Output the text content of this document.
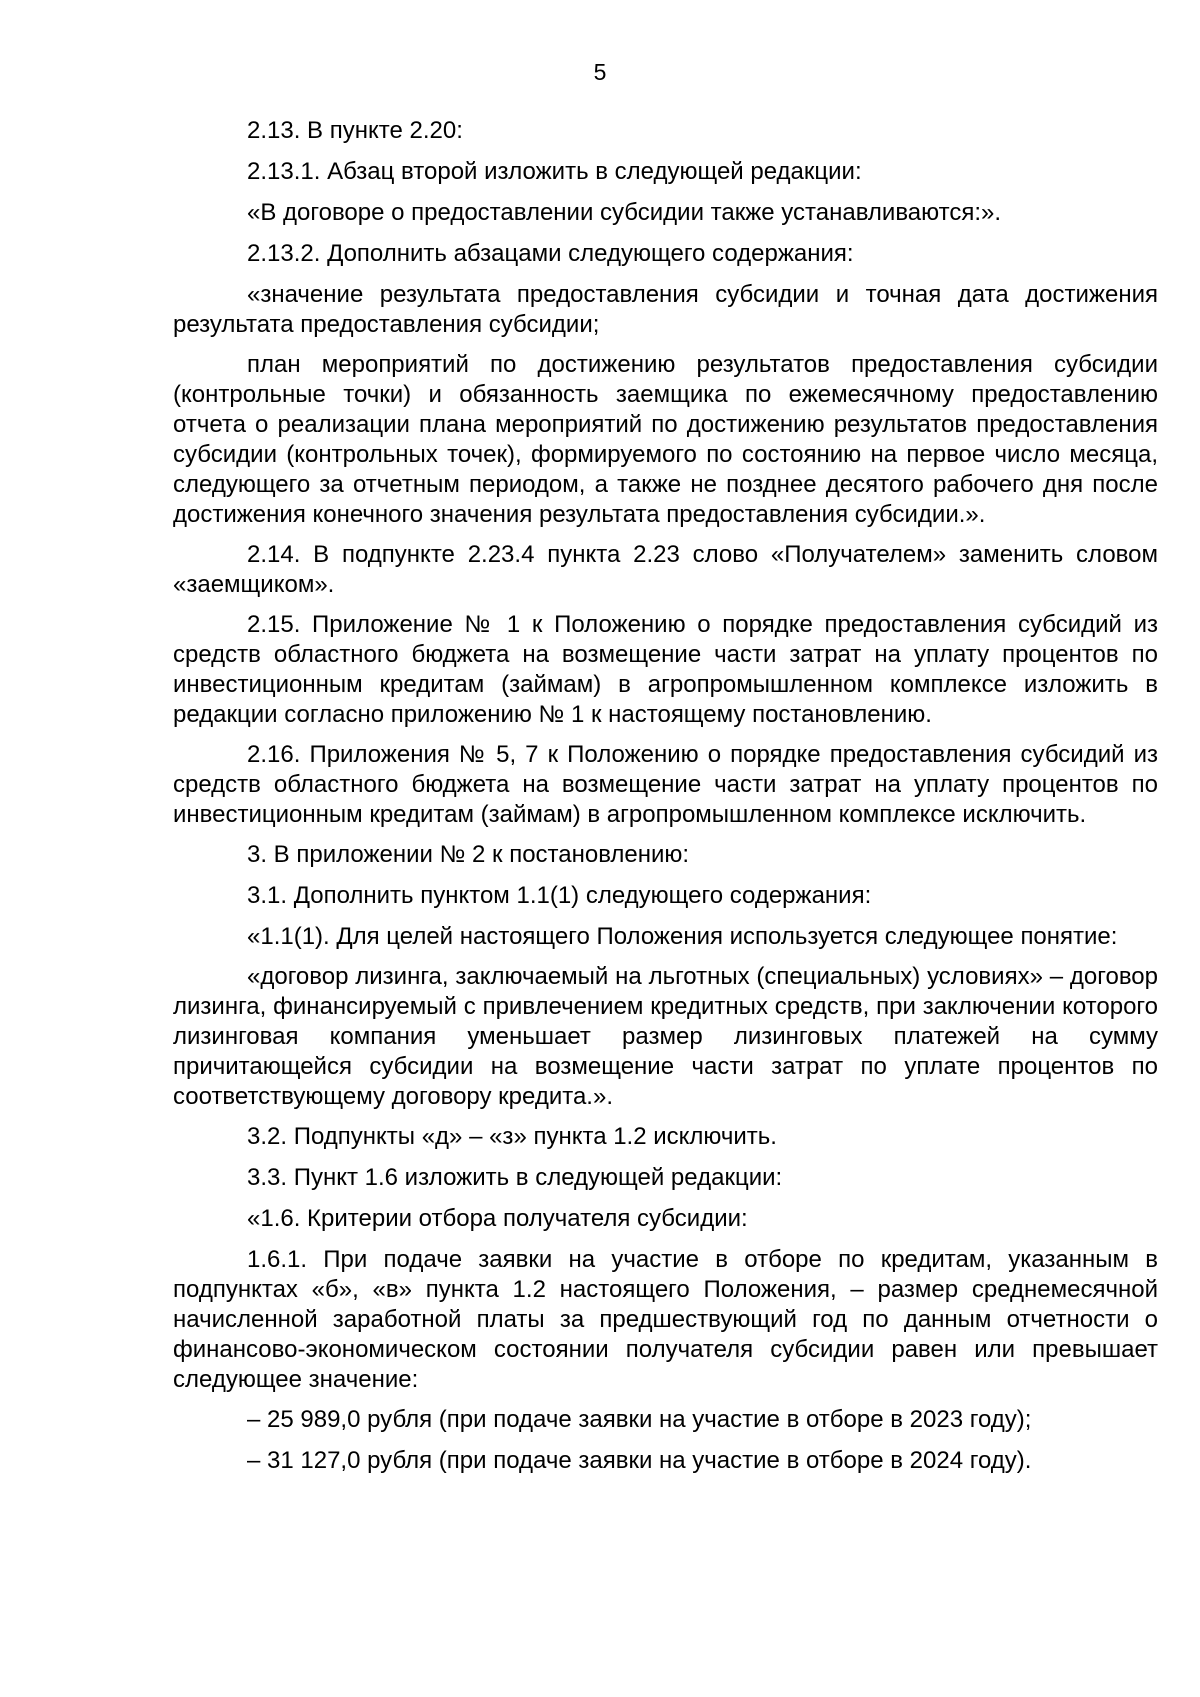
5

2.13. В пункте 2.20:

2.13.1. Абзац второй изложить в следующей редакции:

«В договоре о предоставлении субсидии также устанавливаются:».

2.13.2. Дополнить абзацами следующего содержания:

«значение результата предоставления субсидии и точная дата достижения результата предоставления субсидии;

план мероприятий по достижению результатов предоставления субсидии (контрольные точки) и обязанность заемщика по ежемесячному предоставлению отчета о реализации плана мероприятий по достижению результатов предоставления субсидии (контрольных точек), формируемого по состоянию на первое число месяца, следующего за отчетным периодом, а также не позднее десятого рабочего дня после достижения конечного значения результата предоставления субсидии.».

2.14. В подпункте 2.23.4 пункта 2.23 слово «Получателем» заменить словом «заемщиком».

2.15. Приложение № 1 к Положению о порядке предоставления субсидий из средств областного бюджета на возмещение части затрат на уплату процентов по инвестиционным кредитам (займам) в агропромышленном комплексе изложить в редакции согласно приложению № 1 к настоящему постановлению.

2.16. Приложения № 5, 7 к Положению о порядке предоставления субсидий из средств областного бюджета на возмещение части затрат на уплату процентов по инвестиционным кредитам (займам) в агропромышленном комплексе исключить.

3. В приложении № 2 к постановлению:

3.1. Дополнить пунктом 1.1(1) следующего содержания:

«1.1(1). Для целей настоящего Положения используется следующее понятие:

«договор лизинга, заключаемый на льготных (специальных) условиях» – договор лизинга, финансируемый с привлечением кредитных средств, при заключении которого лизинговая компания уменьшает размер лизинговых платежей на сумму причитающейся субсидии на возмещение части затрат по уплате процентов по соответствующему договору кредита.».

3.2. Подпункты «д» – «з» пункта 1.2 исключить.

3.3. Пункт 1.6 изложить в следующей редакции:

«1.6. Критерии отбора получателя субсидии:

1.6.1. При подаче заявки на участие в отборе по кредитам, указанным в подпунктах «б», «в» пункта 1.2 настоящего Положения, – размер среднемесячной начисленной заработной платы за предшествующий год по данным отчетности о финансово-экономическом состоянии получателя субсидии равен или превышает следующее значение:

– 25 989,0 рубля (при подаче заявки на участие в отборе в 2023 году);

– 31 127,0 рубля (при подаче заявки на участие в отборе в 2024 году).
